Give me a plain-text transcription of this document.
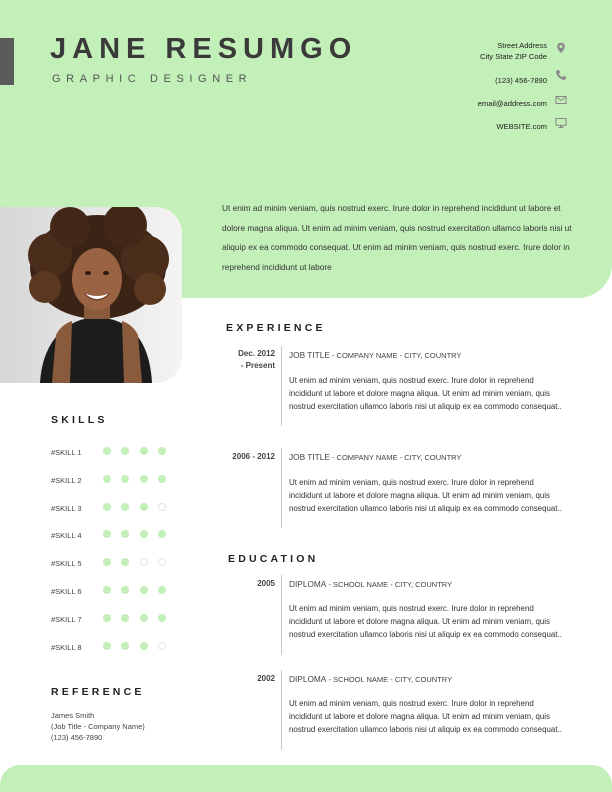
JANE RESUMGO
GRAPHIC DESIGNER
Street Address
City State ZIP Code
(123) 456-7890
email@address.com
WEBSITE.com
Ut enim ad minim veniam, quis nostrud exerc. Irure dolor in reprehend incididunt ut labore et dolore magna aliqua. Ut enim ad minim veniam, quis nostrud exercitation ullamco laboris nisi ut aliquip ex ea commodo consequat. Ut enim ad minim veniam, quis nostrud exerc. Irure dolor in reprehend incididunt ut labore
SKILLS
REFERENCE
James Smith
(Job Title - Company Name)
(123) 456-7890
EXPERIENCE
Dec. 2012
- Present
JOB TITLE - COMPANY NAME - CITY, COUNTRY
Ut enim ad minim veniam, quis nostrud exerc. Irure dolor in reprehend incididunt ut labore et dolore magna aliqua. Ut enim ad minim veniam, quis nostrud exercitation ullamco laboris nisi ut aliquip ex ea commodo consequat..
2006 - 2012 JOB TITLE - COMPANY NAME - CITY, COUNTRY
Ut enim ad minim veniam, quis nostrud exerc. Irure dolor in reprehend incididunt ut labore et dolore magna aliqua. Ut enim ad minim veniam, quis nostrud exercitation ullamco laboris nisi ut aliquip ex ea commodo consequat..
EDUCATION
2005 DIPLOMA - SCHOOL NAME - CITY, COUNTRY
Ut enim ad minim veniam, quis nostrud exerc. Irure dolor in reprehend incididunt ut labore et dolore magna aliqua. Ut enim ad minim veniam, quis nostrud exercitation ullamco laboris nisi ut aliquip ex ea commodo consequat..
2002 DIPLOMA - SCHOOL NAME - CITY, COUNTRY
Ut enim ad minim veniam, quis nostrud exerc. Irure dolor in reprehend incididunt ut labore et dolore magna aliqua. Ut enim ad minim veniam, quis nostrud exercitation ullamco laboris nisi ut aliquip ex ea commodo consequat..
#SKILL 1
#SKILL 2
#SKILL 3
#SKILL 4
#SKILL 5
#SKILL 6
#SKILL 7
#SKILL 8
